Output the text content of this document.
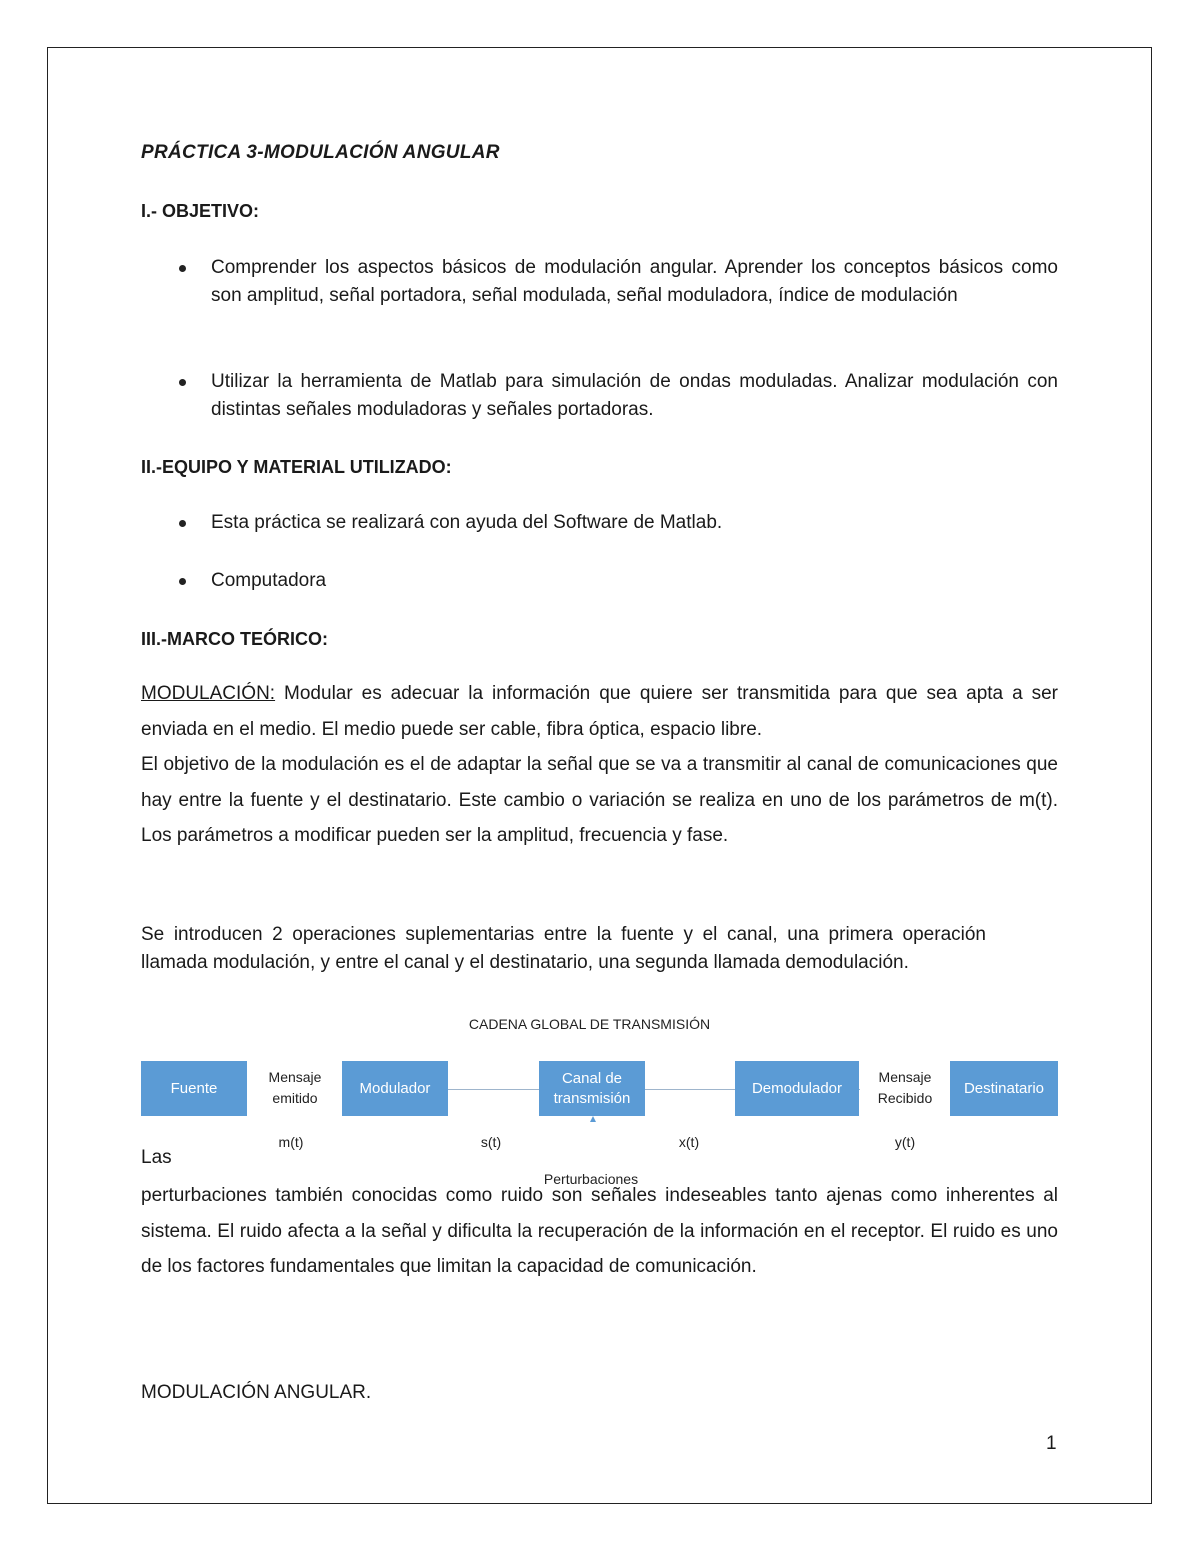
PRÁCTICA 3-MODULACIÓN ANGULAR
I.- OBJETIVO:
Comprender los aspectos básicos de modulación angular. Aprender los conceptos básicos como son amplitud, señal portadora, señal modulada, señal moduladora, índice de modulación
Utilizar la herramienta de Matlab para simulación de ondas moduladas. Analizar modulación con distintas señales moduladoras y señales portadoras.
II.-EQUIPO Y MATERIAL UTILIZADO:
Esta práctica se realizará con ayuda del Software de Matlab.
Computadora
III.-MARCO TEÓRICO:
MODULACIÓN: Modular es adecuar la información que quiere ser transmitida para que sea apta a ser enviada en el medio. El medio puede ser cable, fibra óptica, espacio libre.
El objetivo de la modulación es el de adaptar la señal que se va a transmitir al canal de comunicaciones que hay entre la fuente y el destinatario. Este cambio o variación se realiza en uno de los parámetros de m(t). Los parámetros a modificar pueden ser la amplitud, frecuencia y fase.
Se introducen 2 operaciones suplementarias entre la fuente y el canal, una primera operación llamada modulación, y entre el canal y el destinatario, una segunda llamada demodulación.
Las
perturbaciones también conocidas como ruido son señales indeseables tanto ajenas como inherentes al sistema. El ruido afecta a la señal y dificulta la recuperación de la información en el receptor. El ruido es uno de los factores fundamentales que limitan la capacidad de comunicación.
MODULACIÓN ANGULAR.
CADENA GLOBAL DE TRANSMISIÓN
Fuente	Modulador
Canal de transmisión
Demodulador	Destinatario
Mensaje
emitido
Mensaje
Recibido
m(t)	s(t)	x(t)	y(t)
Perturbaciones
1
